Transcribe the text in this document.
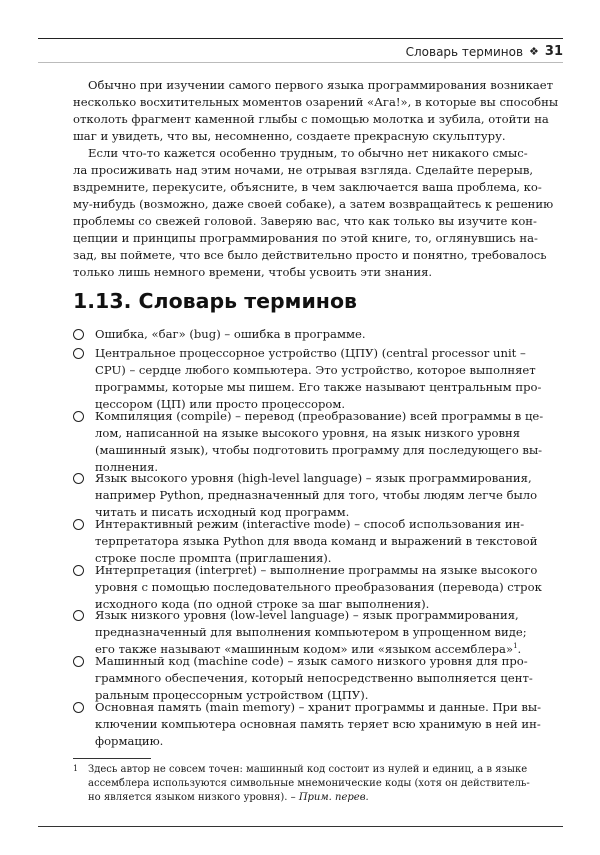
Словарь терминов ❖ 31
Обычно при изучении самого первого языка программирования возникает
несколько восхитительных моментов озарений «Ага!», в которые вы способны
отколоть фрагмент каменной глыбы с помощью молотка и зубила, отойти на
шаг и увидеть, что вы, несомненно, создаете прекрасную скульптуру.
Если что-то кажется особенно трудным, то обычно нет никакого смыс-
ла просиживать над этим ночами, не отрывая взгляда. Сделайте перерыв,
вздремните, перекусите, объясните, в чем заключается ваша проблема, ко-
му-нибудь (возможно, даже своей собаке), а затем возвращайтесь к решению
проблемы со свежей головой. Заверяю вас, что как только вы изучите кон-
цепции и принципы программирования по этой книге, то, оглянувшись на-
зад, вы поймете, что все было действительно просто и понятно, требовалось
только лишь немного времени, чтобы усвоить эти знания.
1.13. Словарь терминов
Ошибка, «баг» (bug) – ошибка в программе.
Центральное процессорное устройство (ЦПУ) (central processor unit –
CPU) – сердце любого компьютера. Это устройство, которое выполняет
программы, которые мы пишем. Его также называют центральным про-
цессором (ЦП) или просто процессором.
Компиляция (compile) – перевод (преобразование) всей программы в це-
лом, написанной на языке высокого уровня, на язык низкого уровня
(машинный язык), чтобы подготовить программу для последующего вы-
полнения.
Язык высокого уровня (high-level language) – язык программирования,
например Python, предназначенный для того, чтобы людям легче было
читать и писать исходный код программ.
Интерактивный режим (interactive mode) – способ использования ин-
терпретатора языка Python для ввода команд и выражений в текстовой
строке после промпта (приглашения).
Интерпретация (interpret) – выполнение программы на языке высокого
уровня с помощью последовательного преобразования (перевода) строк
исходного кода (по одной строке за шаг выполнения).
Язык низкого уровня (low-level language) – язык программирования,
предназначенный для выполнения компьютером в упрощенном виде;
его также называют «машинным кодом» или «языком ассемблера»$^1$.
Машинный код (machine code) – язык самого низкого уровня для про-
граммного обеспечения, который непосредственно выполняется цент-
ральным процессорным устройством (ЦПУ).
Основная память (main memory) – хранит программы и данные. При вы-
ключении компьютера основная память теряет всю хранимую в ней ин-
формацию.
1 Здесь автор не совсем точен: машинный код состоит из нулей и единиц, а в языке
ассемблера используются символьные мнемонические коды (хотя он действитель-
но является языком низкого уровня). – Прим. перев.
